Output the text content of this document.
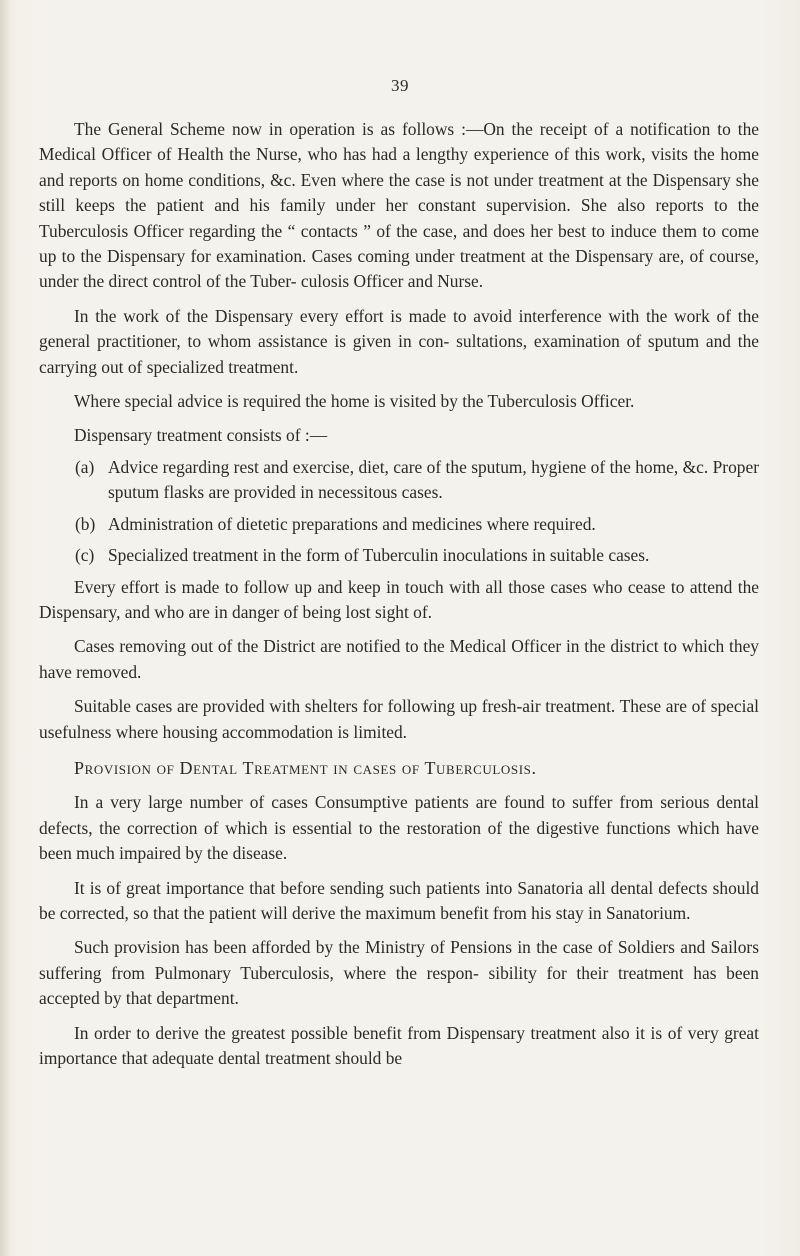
39

The General Scheme now in operation is as follows :—On the receipt of a notification to the Medical Officer of Health the Nurse, who has had a lengthy experience of this work, visits the home and reports on home conditions, &c. Even where the case is not under treatment at the Dispensary she still keeps the patient and his family under her constant supervision. She also reports to the Tuberculosis Officer regarding the “ contacts ” of the case, and does her best to induce them to come up to the Dispensary for examination. Cases coming under treatment at the Dispensary are, of course, under the direct control of the Tuber- culosis Officer and Nurse.

In the work of the Dispensary every effort is made to avoid interference with the work of the general practitioner, to whom assistance is given in con- sultations, examination of sputum and the carrying out of specialized treatment.

Where special advice is required the home is visited by the Tuberculosis Officer.

Dispensary treatment consists of :—

(a) Advice regarding rest and exercise, diet, care of the sputum, hygiene of the home, &c. Proper sputum flasks are provided in necessitous cases.
(b) Administration of dietetic preparations and medicines where required.
(c) Specialized treatment in the form of Tuberculin inoculations in suitable cases.

Every effort is made to follow up and keep in touch with all those cases who cease to attend the Dispensary, and who are in danger of being lost sight of.

Cases removing out of the District are notified to the Medical Officer in the district to which they have removed.

Suitable cases are provided with shelters for following up fresh-air treatment. These are of special usefulness where housing accommodation is limited.

Provision of Dental Treatment in cases of Tuberculosis.

In a very large number of cases Consumptive patients are found to suffer from serious dental defects, the correction of which is essential to the restoration of the digestive functions which have been much impaired by the disease.

It is of great importance that before sending such patients into Sanatoria all dental defects should be corrected, so that the patient will derive the maximum benefit from his stay in Sanatorium.

Such provision has been afforded by the Ministry of Pensions in the case of Soldiers and Sailors suffering from Pulmonary Tuberculosis, where the respon- sibility for their treatment has been accepted by that department.

In order to derive the greatest possible benefit from Dispensary treatment also it is of very great importance that adequate dental treatment should be
